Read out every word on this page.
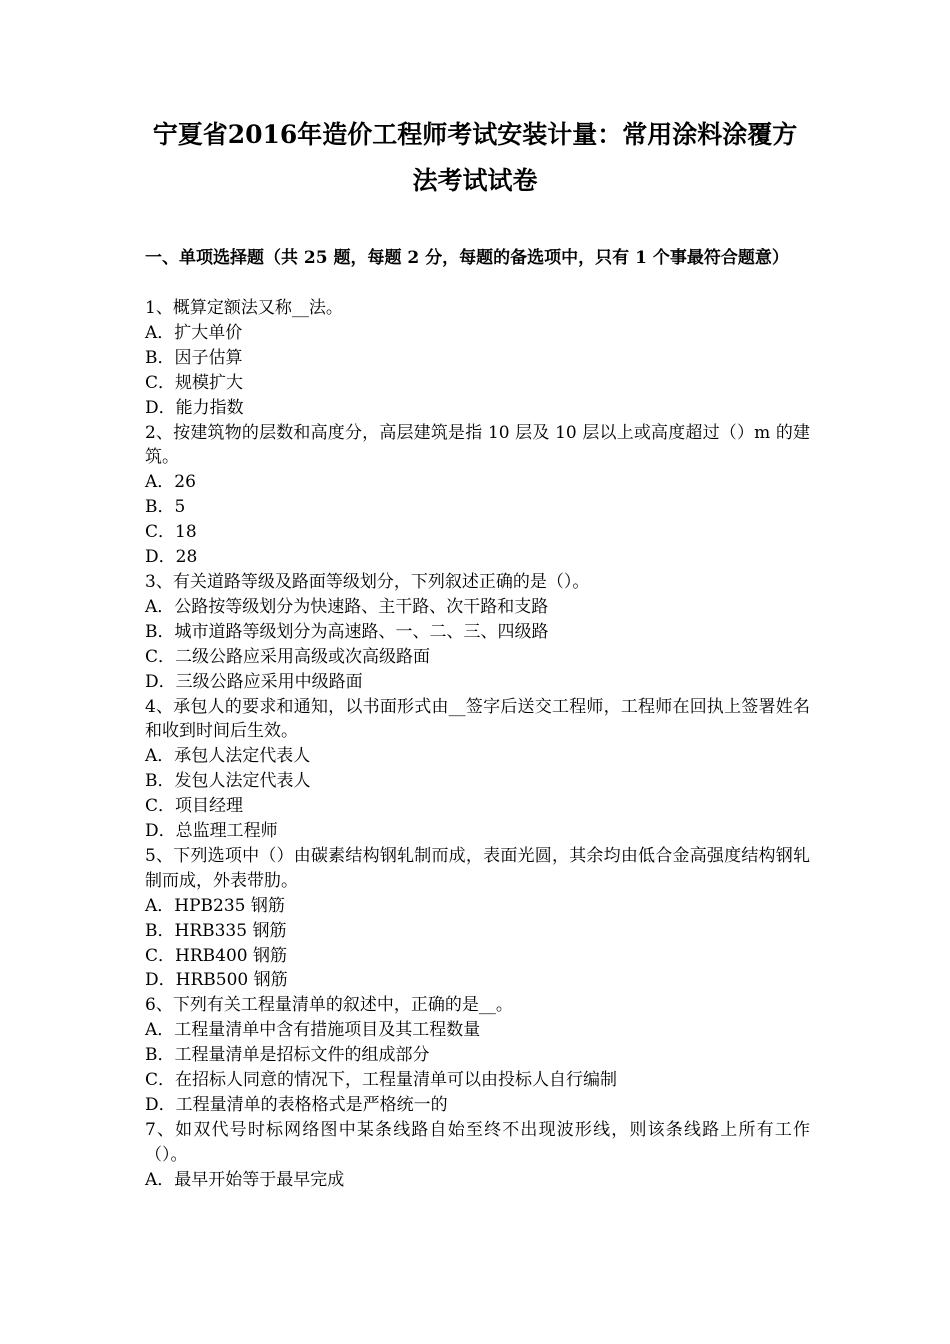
宁夏省2016年造价工程师考试安装计量：常用涂料涂覆方
法考试试卷
一、单项选择题（共 25 题，每题 2 分，每题的备选项中，只有 1 个事最符合题意）

1、概算定额法又称__法。

A．扩大单价

B．因子估算

C．规模扩大

D．能力指数

2、按建筑物的层数和高度分，高层建筑是指 10 层及 10 层以上或高度超过（）m 的建筑。

A．26

B．5

C．18

D．28

3、有关道路等级及路面等级划分，下列叙述正确的是（）。

A．公路按等级划分为快速路、主干路、次干路和支路

B．城市道路等级划分为高速路、一、二、三、四级路

C．二级公路应采用高级或次高级路面

D．三级公路应采用中级路面

4、承包人的要求和通知，以书面形式由__签字后送交工程师，工程师在回执上签署姓名和收到时间后生效。

A．承包人法定代表人

B．发包人法定代表人

C．项目经理

D．总监理工程师

5、下列选项中（）由碳素结构钢轧制而成，表面光圆，其余均由低合金高强度结构钢轧制而成，外表带肋。

A．HPB235 钢筋

B．HRB335 钢筋

C．HRB400 钢筋

D．HRB500 钢筋

6、下列有关工程量清单的叙述中，正确的是__。

A．工程量清单中含有措施项目及其工程数量

B．工程量清单是招标文件的组成部分

C．在招标人同意的情况下，工程量清单可以由投标人自行编制

D．工程量清单的表格格式是严格统一的

7、如双代号时标网络图中某条线路自始至终不出现波形线，则该条线路上所有工作（）。

A．最早开始等于最早完成
